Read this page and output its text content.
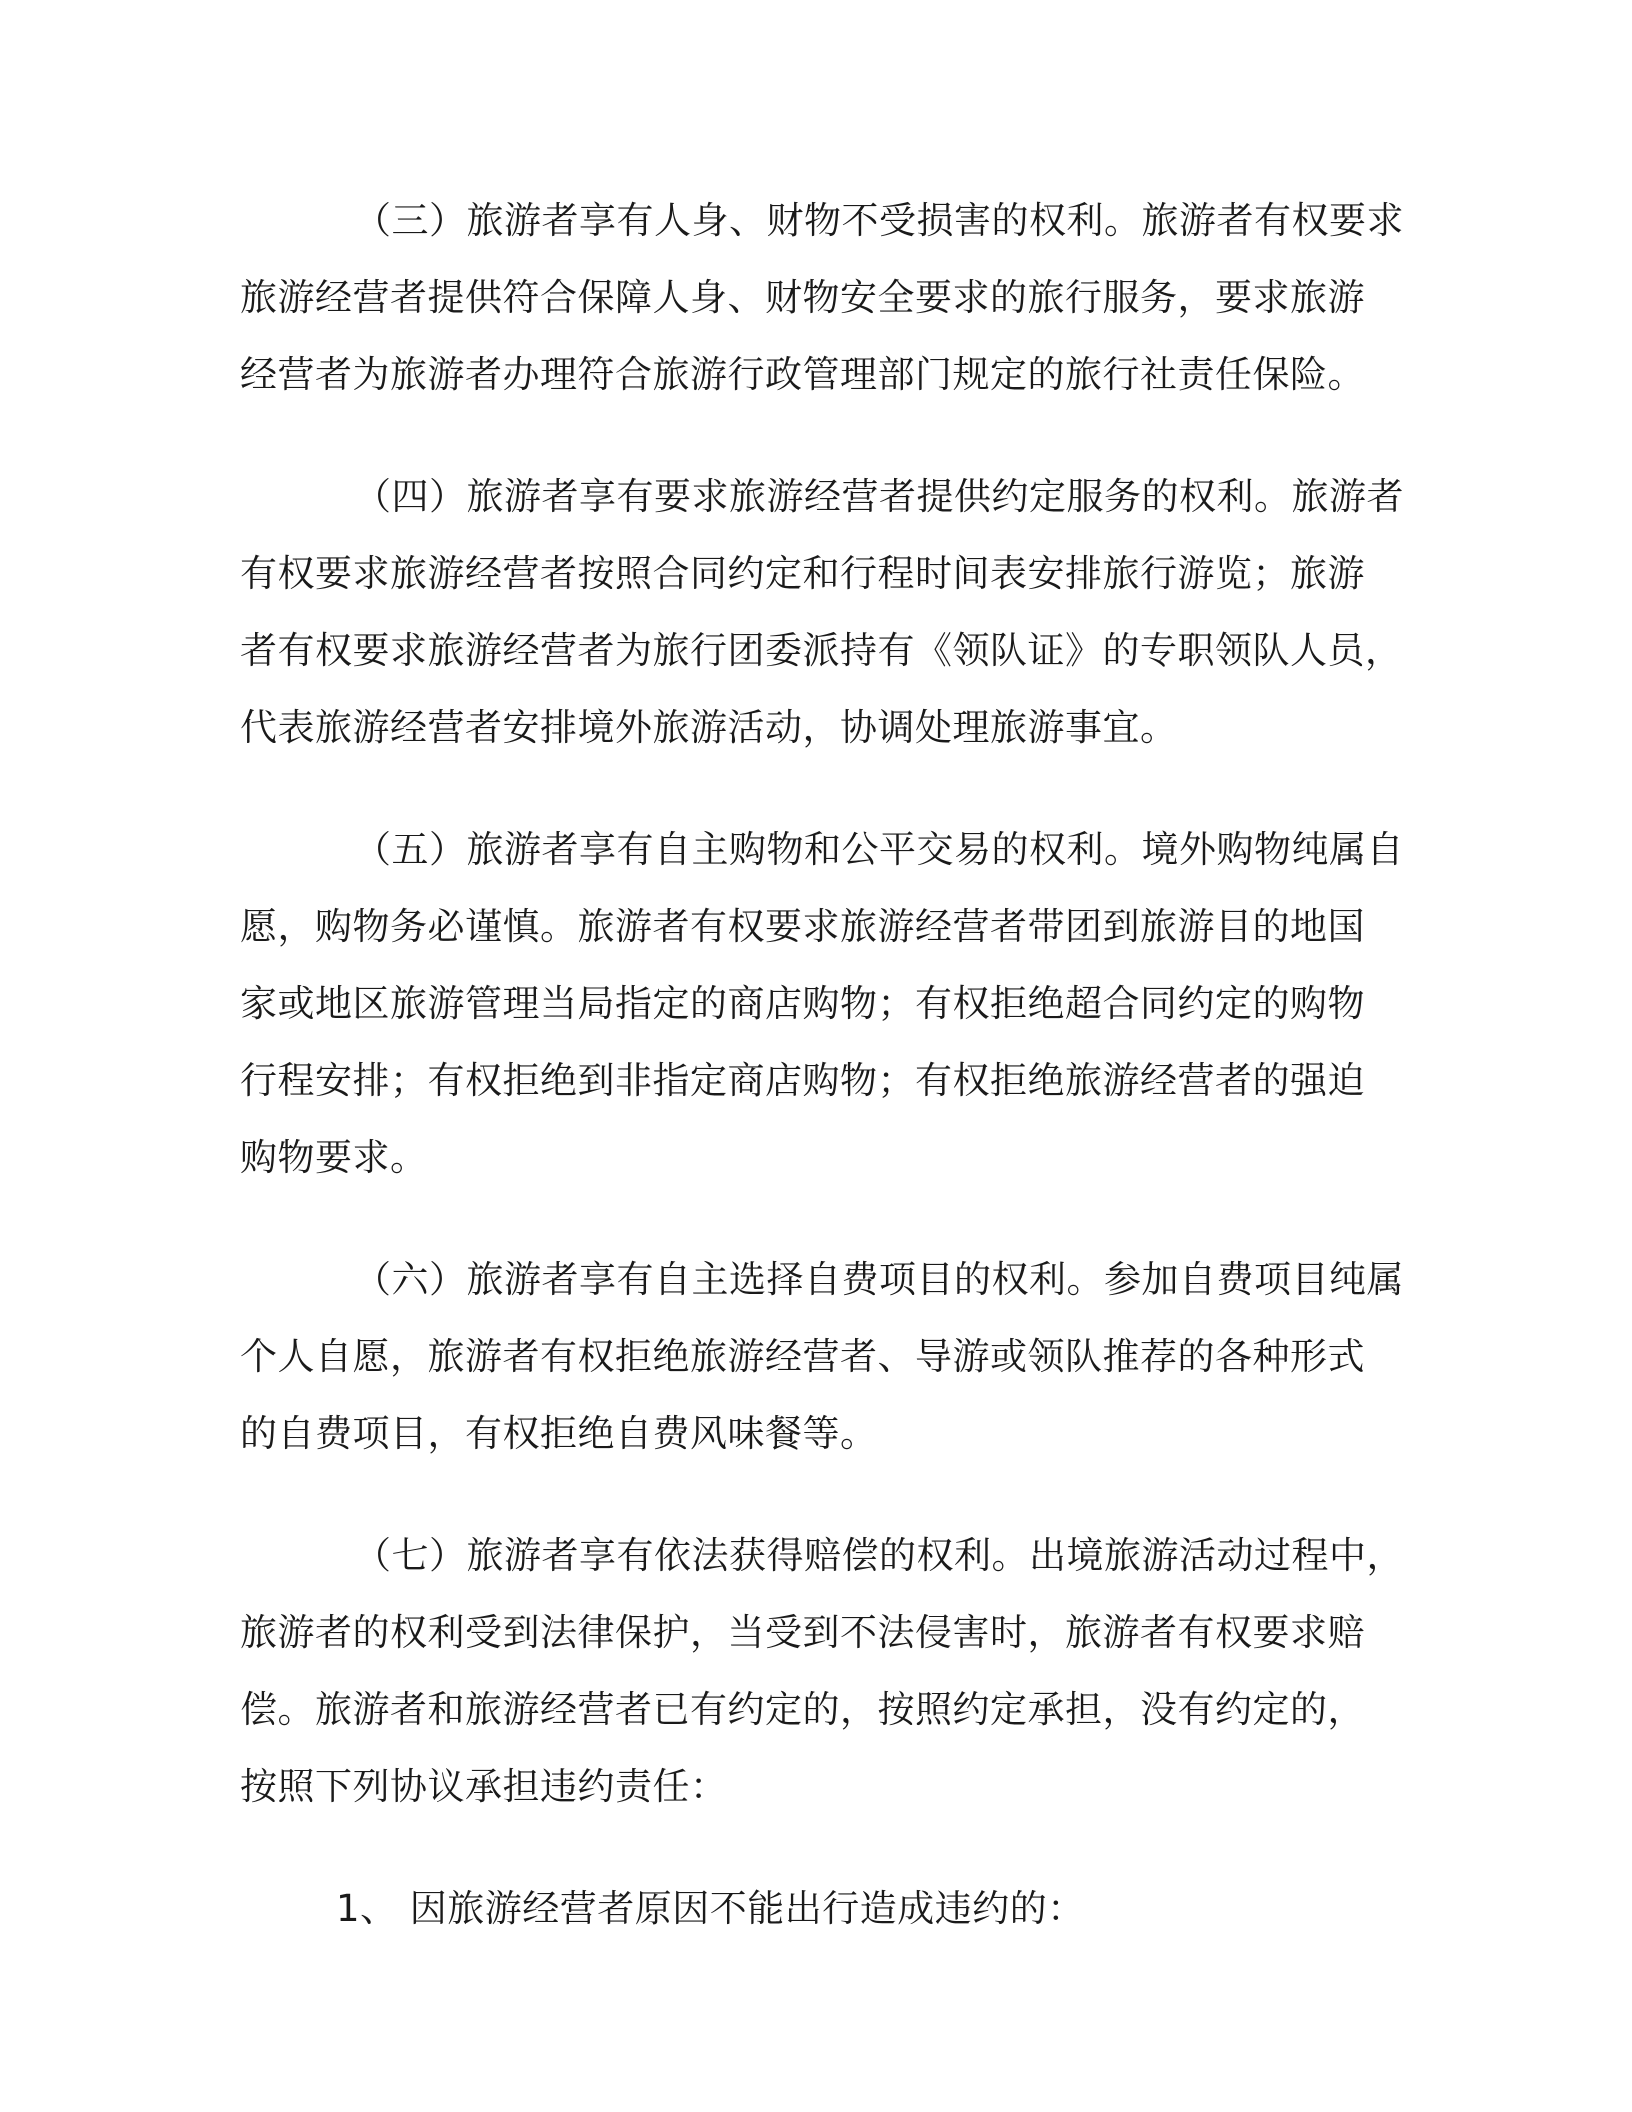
（三）旅游者享有人身、财物不受损害的权利。旅游者有权要求
旅游经营者提供符合保障人身、财物安全要求的旅行服务，要求旅游
经营者为旅游者办理符合旅游行政管理部门规定的旅行社责任保险。

（四）旅游者享有要求旅游经营者提供约定服务的权利。旅游者
有权要求旅游经营者按照合同约定和行程时间表安排旅行游览；旅游
者有权要求旅游经营者为旅行团委派持有《领队证》的专职领队人员，
代表旅游经营者安排境外旅游活动，协调处理旅游事宜。

（五）旅游者享有自主购物和公平交易的权利。境外购物纯属自
愿，购物务必谨慎。旅游者有权要求旅游经营者带团到旅游目的地国
家或地区旅游管理当局指定的商店购物；有权拒绝超合同约定的购物
行程安排；有权拒绝到非指定商店购物；有权拒绝旅游经营者的强迫
购物要求。

（六）旅游者享有自主选择自费项目的权利。参加自费项目纯属
个人自愿，旅游者有权拒绝旅游经营者、导游或领队推荐的各种形式
的自费项目，有权拒绝自费风味餐等。

（七）旅游者享有依法获得赔偿的权利。出境旅游活动过程中，
旅游者的权利受到法律保护，当受到不法侵害时，旅游者有权要求赔
偿。旅游者和旅游经营者已有约定的，按照约定承担，没有约定的，
按照下列协议承担违约责任：

1、 因旅游经营者原因不能出行造成违约的：
